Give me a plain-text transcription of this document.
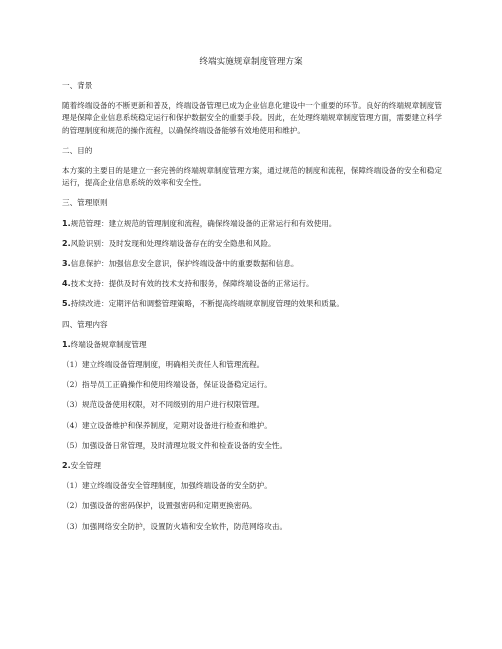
终端实施规章制度管理方案

一、背景

随着终端设备的不断更新和普及，终端设备管理已成为企业信息化建设中一个重要的环节。良好的终端规章制度管理是保障企业信息系统稳定运行和保护数据安全的重要手段。因此，在处理终端规章制度管理方面，需要建立科学的管理制度和规范的操作流程，以确保终端设备能够有效地使用和维护。

二、目的

本方案的主要目的是建立一套完善的终端规章制度管理方案，通过规范的制度和流程，保障终端设备的安全和稳定运行，提高企业信息系统的效率和安全性。

三、管理原则

1.规范管理：建立规范的管理制度和流程，确保终端设备的正常运行和有效使用。

2.风险识别：及时发现和处理终端设备存在的安全隐患和风险。

3.信息保护：加强信息安全意识，保护终端设备中的重要数据和信息。

4.技术支持：提供及时有效的技术支持和服务，保障终端设备的正常运行。

5.持续改进：定期评估和调整管理策略，不断提高终端规章制度管理的效果和质量。

四、管理内容

1.终端设备规章制度管理

（1）建立终端设备管理制度，明确相关责任人和管理流程。

（2）指导员工正确操作和使用终端设备，保证设备稳定运行。

（3）规范设备使用权限，对不同级别的用户进行权限管理。

（4）建立设备维护和保养制度，定期对设备进行检查和维护。

（5）加强设备日常管理，及时清理垃圾文件和检查设备的安全性。

2.安全管理

（1）建立终端设备安全管理制度，加强终端设备的安全防护。

（2）加强设备的密码保护，设置强密码和定期更换密码。

（3）加强网络安全防护，设置防火墙和安全软件，防范网络攻击。
